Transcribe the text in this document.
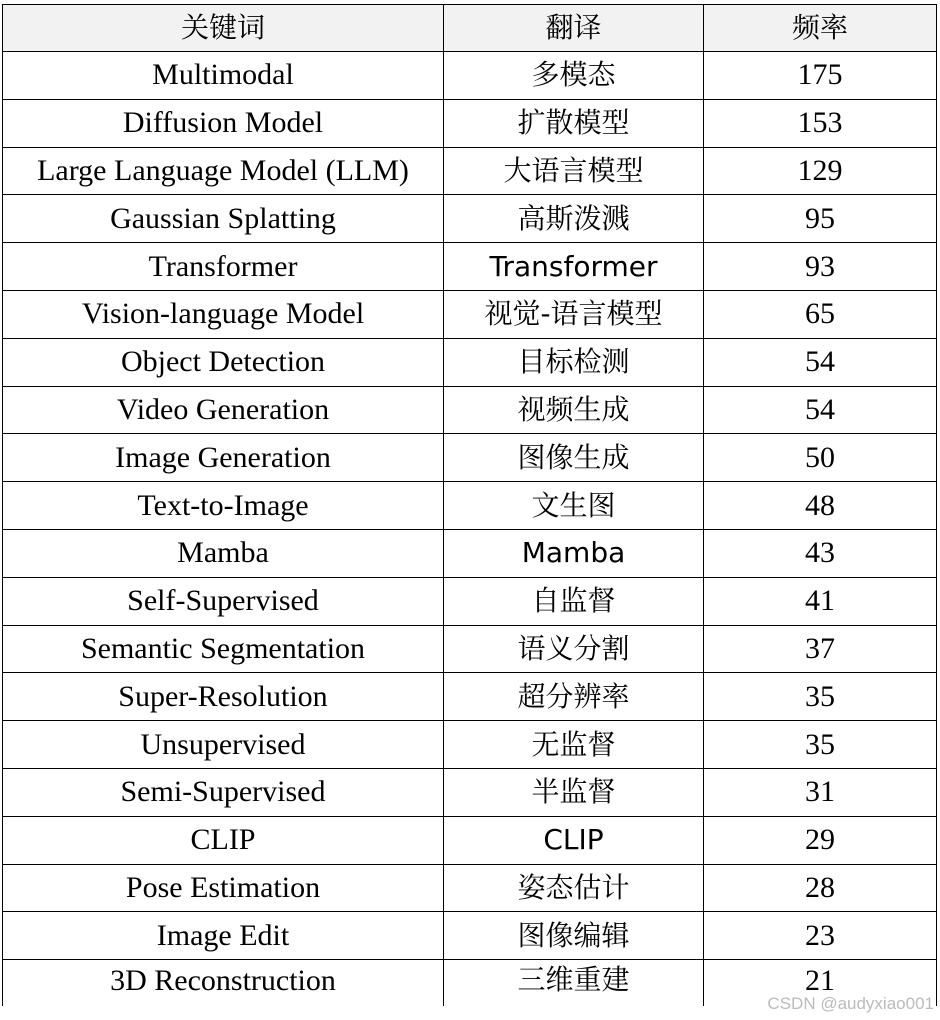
关键词	翻译	频率
Multimodal	多模态	175
Diffusion Model	扩散模型	153
Large Language Model (LLM)	大语言模型	129
Gaussian Splatting	高斯泼溅	95
Transformer	Transformer	93
Vision-language Model	视觉-语言模型	65
Object Detection	目标检测	54
Video Generation	视频生成	54
Image Generation	图像生成	50
Text-to-Image	文生图	48
Mamba	Mamba	43
Self-Supervised	自监督	41
Semantic Segmentation	语义分割	37
Super-Resolution	超分辨率	35
Unsupervised	无监督	35
Semi-Supervised	半监督	31
CLIP	CLIP	29
Pose Estimation	姿态估计	28
Image Edit	图像编辑	23
3D Reconstruction	三维重建	21
CSDN @audyxiao001
